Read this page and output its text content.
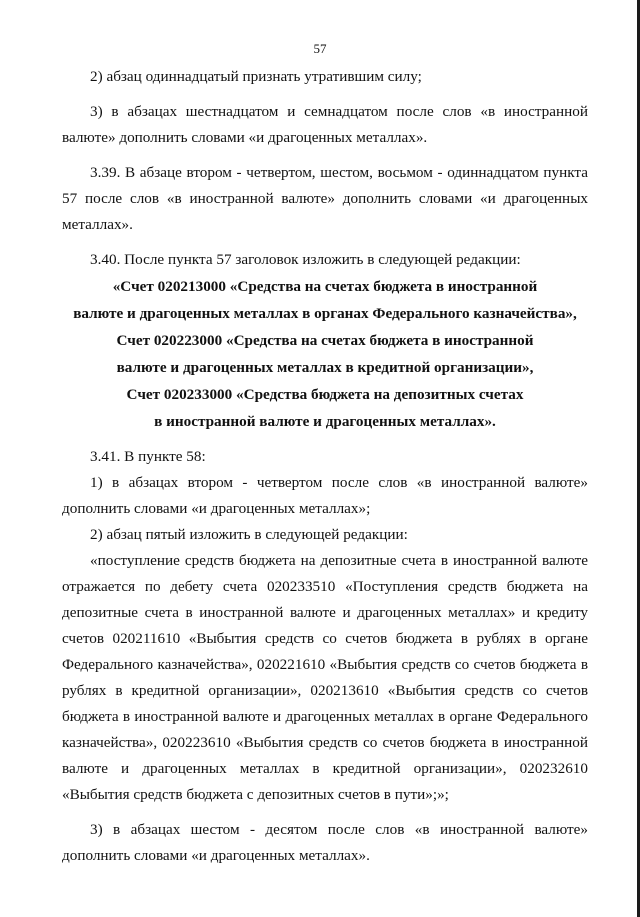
57

2) абзац одиннадцатый признать утратившим силу;

3) в абзацах шестнадцатом и семнадцатом после слов «в иностранной валюте» дополнить словами «и драгоценных металлах».

3.39. В абзаце втором - четвертом, шестом, восьмом - одиннадцатом пункта 57 после слов «в иностранной валюте» дополнить словами «и драгоценных металлах».

3.40. После пункта 57 заголовок изложить в следующей редакции:

«Счет 020213000 «Средства на счетах бюджета в иностранной

валюте и драгоценных металлах в органах Федерального казначейства»,

Счет 020223000 «Средства на счетах бюджета в иностранной

валюте и драгоценных металлах в кредитной организации»,

Счет 020233000 «Средства бюджета на депозитных счетах

в иностранной валюте и драгоценных металлах».

3.41. В пункте 58:

1) в абзацах втором - четвертом после слов «в иностранной валюте» дополнить словами «и драгоценных металлах»;

2) абзац пятый изложить в следующей редакции:

«поступление средств бюджета на депозитные счета в иностранной валюте отражается по дебету счета 020233510 «Поступления средств бюджета на депозитные счета в иностранной валюте и драгоценных металлах» и кредиту счетов 020211610 «Выбытия средств со счетов бюджета в рублях в органе Федерального казначейства», 020221610 «Выбытия средств со счетов бюджета в рублях в кредитной организации», 020213610 «Выбытия средств со счетов бюджета в иностранной валюте и драгоценных металлах в органе Федерального казначейства», 020223610 «Выбытия средств со счетов бюджета в иностранной валюте и драгоценных металлах в кредитной организации», 020232610 «Выбытия средств бюджета с депозитных счетов в пути»;»;

3) в абзацах шестом - десятом после слов «в иностранной валюте» дополнить словами «и драгоценных металлах».
